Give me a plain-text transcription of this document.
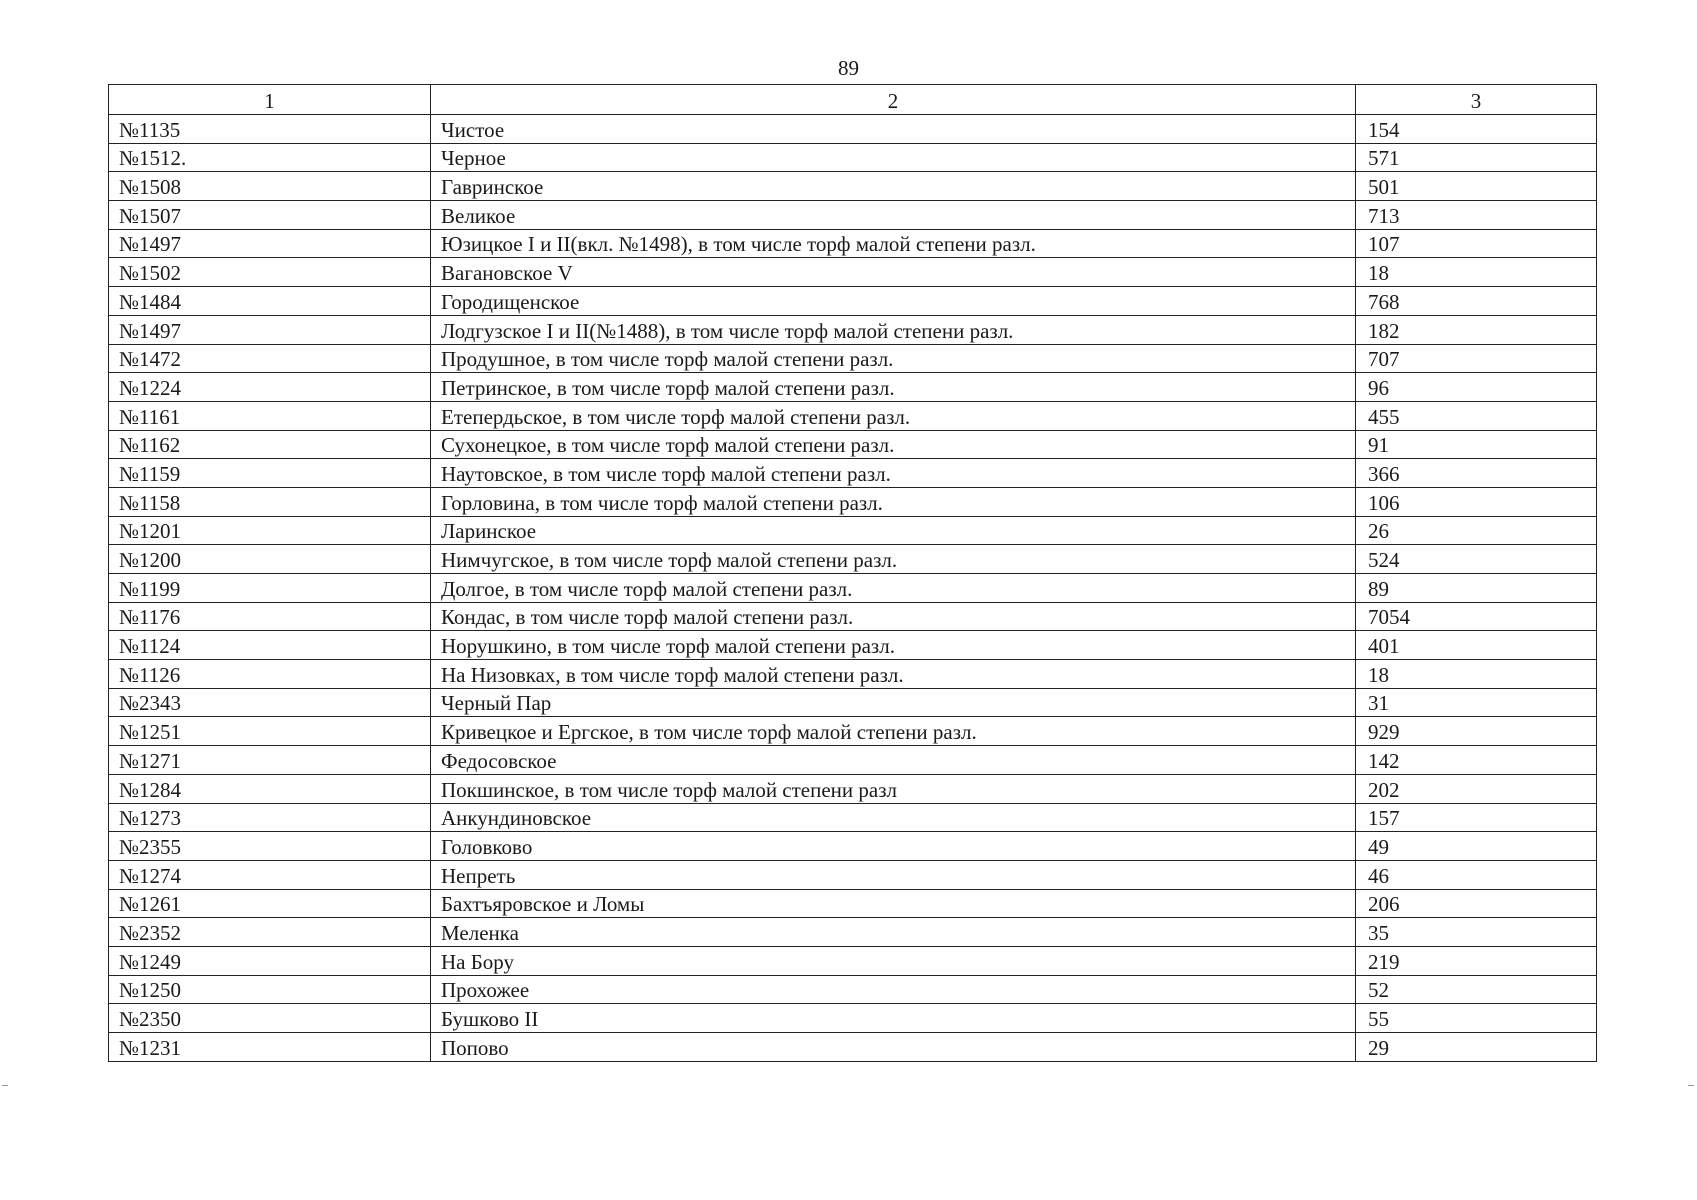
89
1	2	3
№1135	Чистое	154
№1512.	Черное	571
№1508	Гавринское	501
№1507	Великое	713
№1497	Юзицкое I и II(вкл. №1498), в том числе торф малой степени разл.	107
№1502	Вагановское V	18
№1484	Городищенское	768
№1497	Лодгузское I и II(№1488), в том числе торф малой степени разл.	182
№1472	Продушное, в том числе торф малой степени разл.	707
№1224	Петринское, в том числе торф малой степени разл.	96
№1161	Етепердьское, в том числе торф малой степени разл.	455
№1162	Сухонецкое, в том числе торф малой степени разл.	91
№1159	Наутовское, в том числе торф малой степени разл.	366
№1158	Горловина, в том числе торф малой степени разл.	106
№1201	Ларинское	26
№1200	Нимчугское, в том числе торф малой степени разл.	524
№1199	Долгое, в том числе торф малой степени разл.	89
№1176	Кондас, в том числе торф малой степени разл.	7054
№1124	Норушкино, в том числе торф малой степени разл.	401
№1126	На Низовках, в том числе торф малой степени разл.	18
№2343	Черный Пар	31
№1251	Кривецкое и Ергское, в том числе торф малой степени разл.	929
№1271	Федосовское	142
№1284	Покшинское, в том числе торф малой степени разл	202
№1273	Анкундиновское	157
№2355	Головково	49
№1274	Непреть	46
№1261	Бахтъяровское и Ломы	206
№2352	Меленка	35
№1249	На Бору	219
№1250	Прохожее	52
№2350	Бушково II	55
№1231	Попово	29
